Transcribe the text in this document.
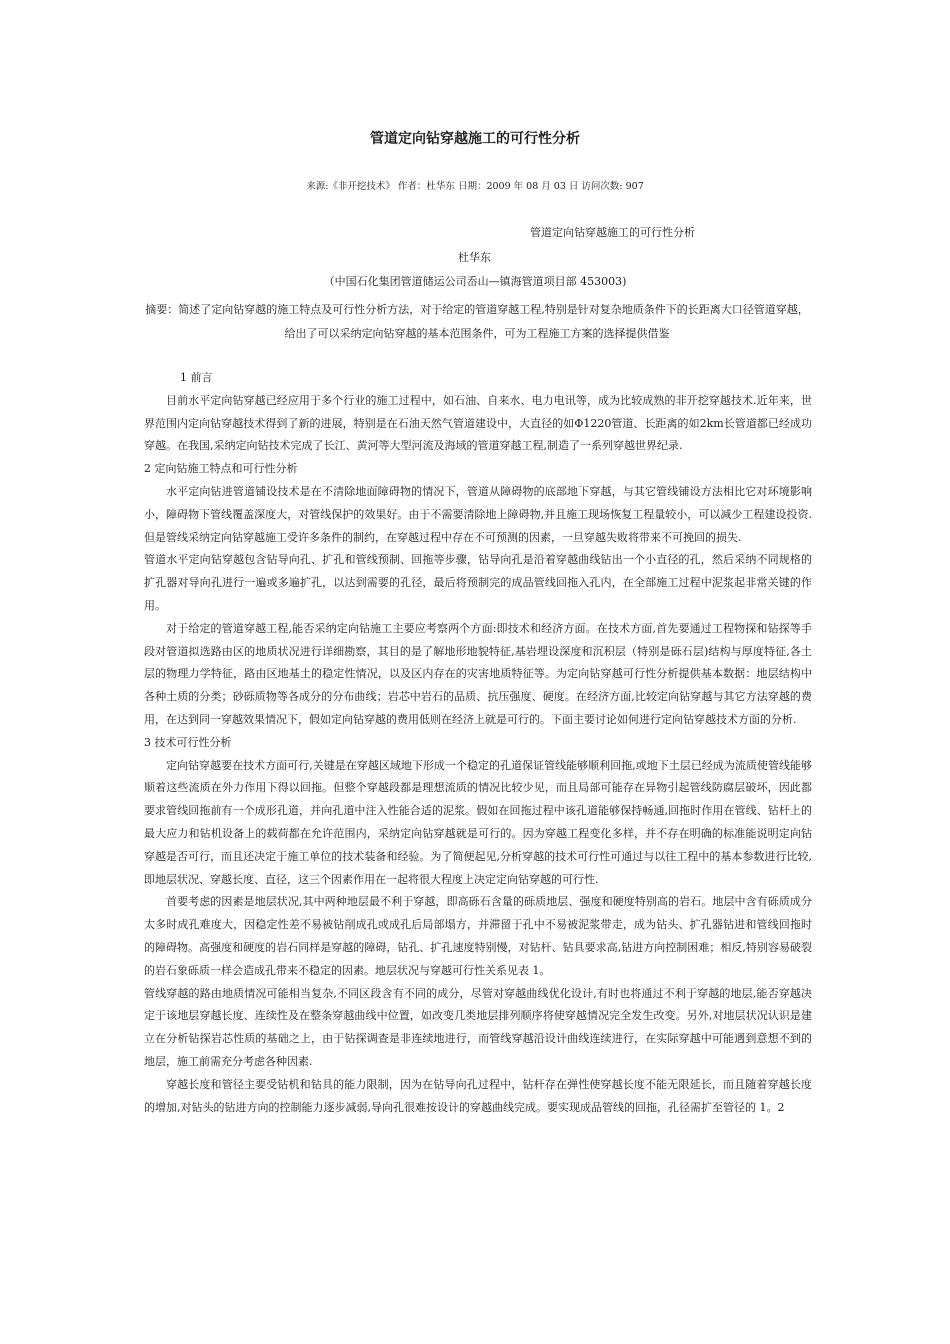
管道定向钻穿越施工的可行性分析
来源:《非开挖技术》 作者：杜华东 日期：2009 年 08 月 03 日 访问次数: 907
管道定向钻穿越施工的可行性分析
杜华东
（中国石化集团管道储运公司岙山—镇海管道项目部 453003)
摘要：简述了定向钻穿越的施工特点及可行性分析方法，对于给定的管道穿越工程,特别是针对复杂地质条件下的长距离大口径管道穿越，给出了可以采纳定向钻穿越的基本范围条件，可为工程施工方案的选择提供借鉴

1 前言

目前水平定向钻穿越已经应用于多个行业的施工过程中，如石油、自来水、电力电讯等，成为比较成熟的非开挖穿越技术.近年来，世界范围内定向钻穿越技术得到了新的进展，特别是在石油天然气管道建设中，大直径的如Φ1220管道、长距离的如2km长管道都已经成功穿越。在我国,采纳定向钻技术完成了长江、黄河等大型河流及海域的管道穿越工程,制造了一系列穿越世界纪录.

2 定向钻施工特点和可行性分析

水平定向钻进管道铺设技术是在不清除地面障碍物的情况下，管道从障碍物的底部地下穿越，与其它管线铺设方法相比它对环境影响小，障碍物下管线覆盖深度大，对管线保护的效果好。由于不需要清除地上障碍物,并且施工现场恢复工程量较小，可以减少工程建设投资.但是管线采纳定向钻穿越施工受许多条件的制约，在穿越过程中存在不可预测的因素，一旦穿越失败将带来不可挽回的损失.

管道水平定向钻穿越包含钻导向孔、扩孔和管线预制、回拖等步骤，钻导向孔是沿着穿越曲线钻出一个小直径的孔，然后采纳不同规格的扩孔器对导向孔进行一遍或多遍扩孔，以达到需要的孔径，最后将预制完的成品管线回拖入孔内，在全部施工过程中泥浆起非常关键的作用。

对于给定的管道穿越工程,能否采纳定向钻施工主要应考察两个方面:即技术和经济方面。在技术方面,首先要通过工程物探和钻探等手段对管道拟选路由区的地质状况进行详细勘察，其目的是了解地形地貌特征,基岩埋设深度和沉积层（特别是砾石层)结构与厚度特征,各土层的物理力学特征，路由区地基土的稳定性情况，以及区内存在的灾害地质特征等。为定向钻穿越可行性分析提供基本数据：地层结构中各种土质的分类；砂砾质物等各成分的分布曲线；岩芯中岩石的品质、抗压强度、硬度。在经济方面,比较定向钻穿越与其它方法穿越的费用，在达到同一穿越效果情况下，假如定向钻穿越的费用低则在经济上就是可行的。下面主要讨论如何进行定向钻穿越技术方面的分析.

3 技术可行性分析

定向钻穿越要在技术方面可行,关键是在穿越区域地下形成一个稳定的孔道保证管线能够顺利回拖,或地下土层已经成为流质使管线能够顺着这些流质在外力作用下得以回拖。但整个穿越段都是理想流质的情况比较少见，而且局部可能存在异物引起管线防腐层破坏，因此都要求管线回拖前有一个成形孔道，并向孔道中注入性能合适的泥浆。假如在回拖过程中该孔道能够保持畅通,回拖时作用在管线、钻杆上的最大应力和钻机设备上的载荷都在允许范围内，采纳定向钻穿越就是可行的。因为穿越工程变化多样，并不存在明确的标准能说明定向钻穿越是否可行，而且还决定于施工单位的技术装备和经验。为了简便起见,分析穿越的技术可行性可通过与以往工程中的基本参数进行比较,即地层状况、穿越长度、直径，这三个因素作用在一起将很大程度上决定定向钻穿越的可行性.

首要考虑的因素是地层状况,其中两种地层最不利于穿越，即高砾石含量的砾质地层、强度和硬度特别高的岩石。地层中含有砾质成分太多时成孔难度大，因稳定性差不易被钻削成孔或成孔后局部塌方，并滞留于孔中不易被泥浆带走，成为钻头、扩孔器钻进和管线回拖时的障碍物。高强度和硬度的岩石同样是穿越的障碍，钻孔、扩孔速度特别慢，对钻杆、钻具要求高,钻进方向控制困难；相反,特别容易破裂的岩石象砾质一样会造成孔带来不稳定的因素。地层状况与穿越可行性关系见表 1。

管线穿越的路由地质情况可能相当复杂,不同区段含有不同的成分，尽管对穿越曲线优化设计,有时也将通过不利于穿越的地层,能否穿越决定于该地层穿越长度、连续性及在整条穿越曲线中位置，如改变几类地层排列顺序将使穿越情况完全发生改变。另外,对地层状况认识是建立在分析钻探岩芯性质的基础之上，由于钻探调查是非连续地进行，而管线穿越沿设计曲线连续进行，在实际穿越中可能遇到意想不到的地层，施工前需充分考虑各种因素.

穿越长度和管径主要受钻机和钻具的能力限制，因为在钻导向孔过程中，钻杆存在弹性使穿越长度不能无限延长，而且随着穿越长度的增加,对钻头的钻进方向的控制能力逐步减弱,导向孔很难按设计的穿越曲线完成。要实现成品管线的回拖，孔径需扩至管径的 1。2
